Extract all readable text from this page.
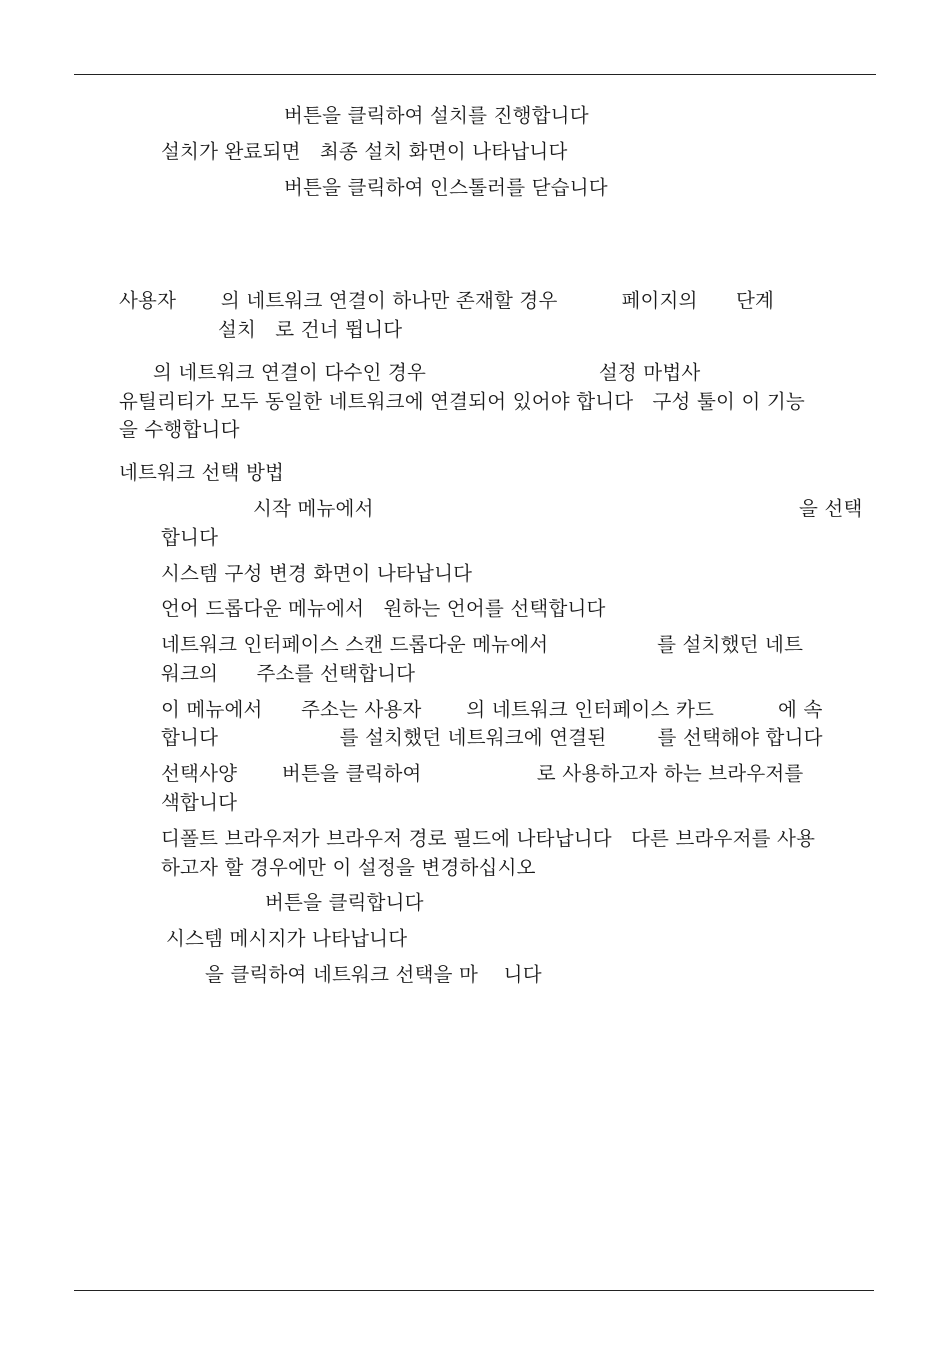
버튼을 클릭하여 설치를 진행합니다
설치가 완료되면   최종 설치 화면이 나타납니다
버튼을 클릭하여 인스톨러를 닫습니다
사용자       의 네트워크 연결이 하나만 존재할 경우          페이지의      단계
설치   로 건너 뜁니다
의 네트워크 연결이 다수인 경우                           설정 마법사
유틸리티가 모두 동일한 네트워크에 연결되어 있어야 합니다   구성 툴이 이 기능
을 수행합니다
네트워크 선택 방법
시작 메뉴에서	을 선택
합니다
시스템 구성 변경 화면이 나타납니다
언어 드롭다운 메뉴에서   원하는 언어를 선택합니다
네트워크 인터페이스 스캔 드롭다운 메뉴에서                 를 설치했던 네트
워크의      주소를 선택합니다
이 메뉴에서      주소는 사용자       의 네트워크 인터페이스 카드          에 속
합니다                   를 설치했던 네트워크에 연결된        를 선택해야 합니다
선택사양       버튼을 클릭하여                  로 사용하고자 하는 브라우저를
색합니다
디폴트 브라우저가 브라우저 경로 필드에 나타납니다   다른 브라우저를 사용
하고자 할 경우에만 이 설정을 변경하십시오
버튼을 클릭합니다
시스템 메시지가 나타납니다
을 클릭하여 네트워크 선택을 마    니다
